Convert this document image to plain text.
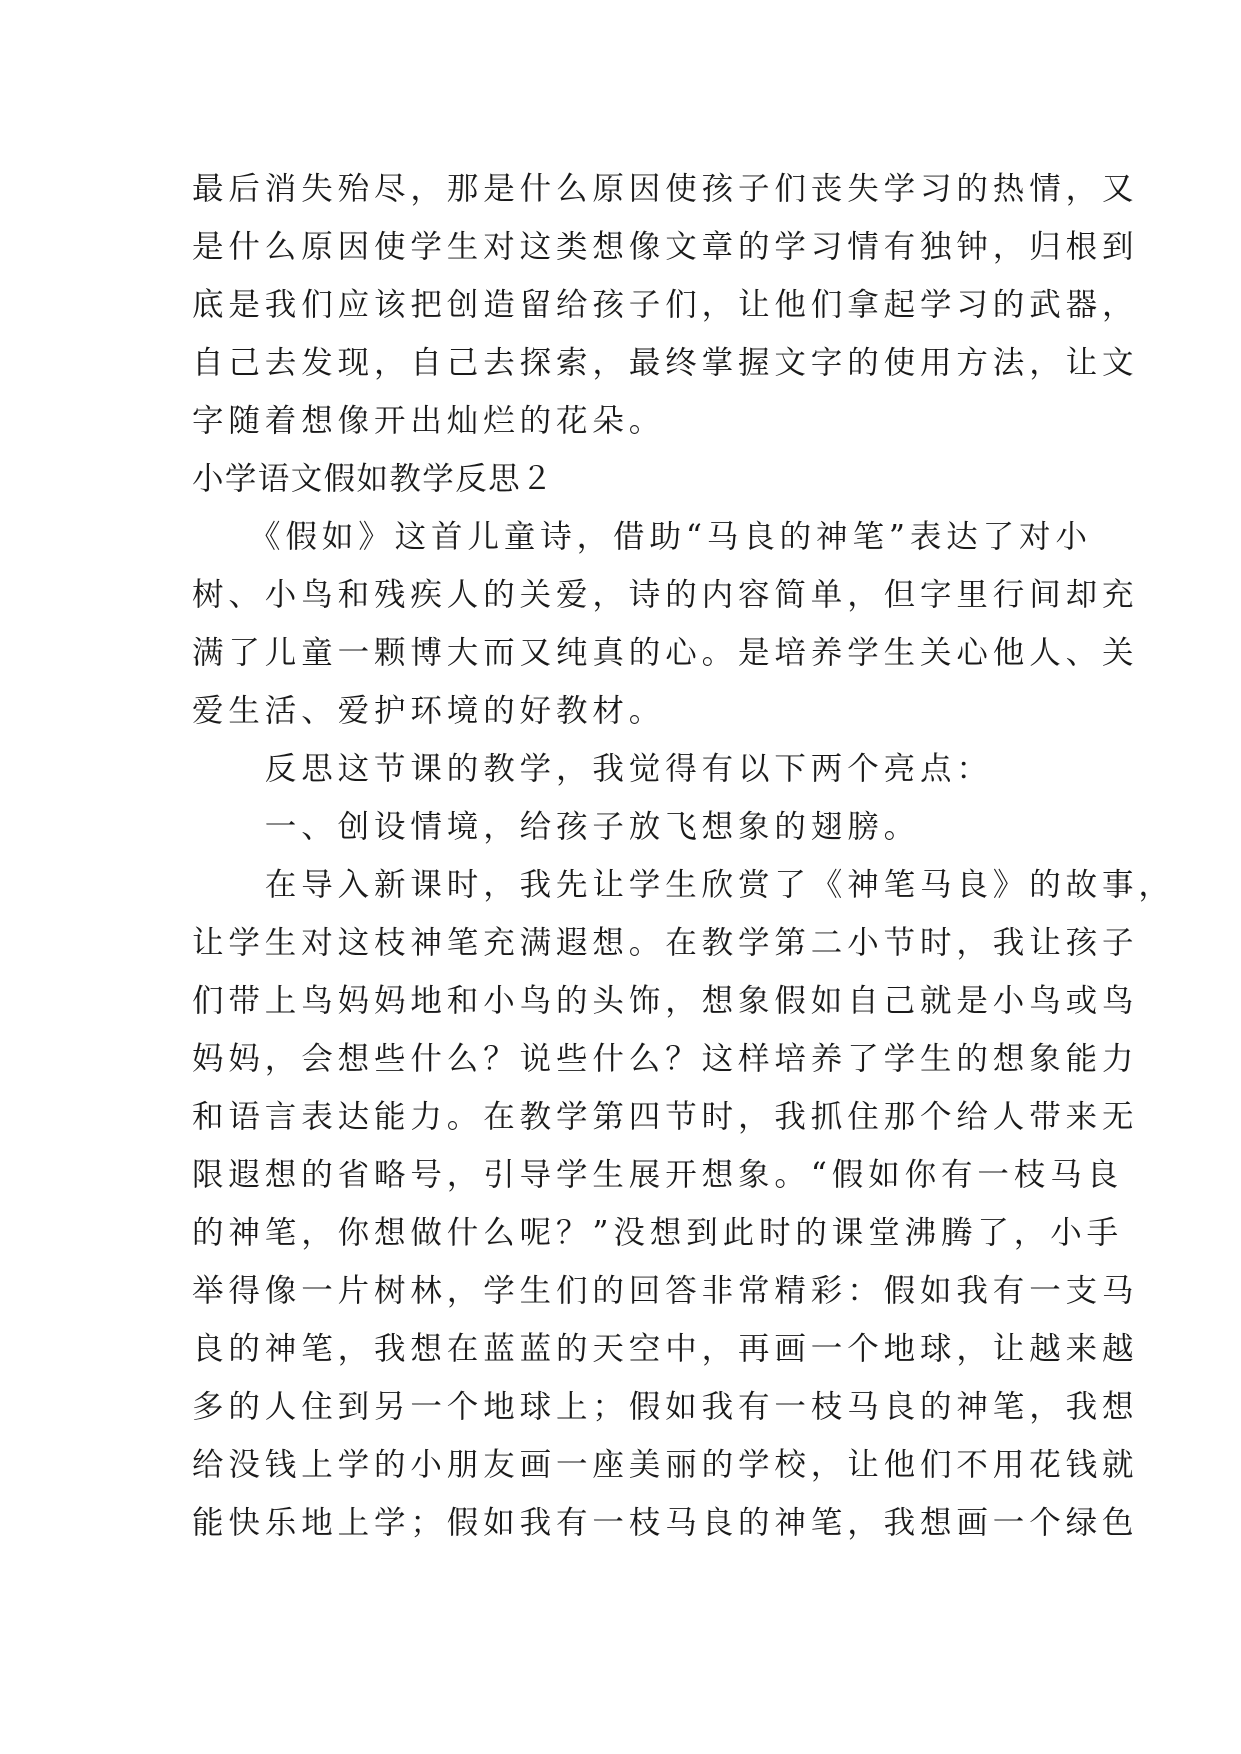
最后消失殆尽，那是什么原因使孩子们丧失学习的热情，又
是什么原因使学生对这类想像文章的学习情有独钟，归根到
底是我们应该把创造留给孩子们，让他们拿起学习的武器，
自己去发现，自己去探索，最终掌握文字的使用方法，让文
字随着想像开出灿烂的花朵。
小学语文假如教学反思２
　　《假如》这首儿童诗，借助“马良的神笔”表达了对小
树、小鸟和残疾人的关爱，诗的内容简单，但字里行间却充
满了儿童一颗博大而又纯真的心。是培养学生关心他人、关
爱生活、爱护环境的好教材。
　　反思这节课的教学，我觉得有以下两个亮点：
　　一、创设情境，给孩子放飞想象的翅膀。
　　在导入新课时，我先让学生欣赏了《神笔马良》的故事，
让学生对这枝神笔充满遐想。在教学第二小节时，我让孩子
们带上鸟妈妈地和小鸟的头饰，想象假如自己就是小鸟或鸟
妈妈，会想些什么？说些什么？这样培养了学生的想象能力
和语言表达能力。在教学第四节时，我抓住那个给人带来无
限遐想的省略号，引导学生展开想象。“假如你有一枝马良
的神笔，你想做什么呢？”没想到此时的课堂沸腾了，小手
举得像一片树林，学生们的回答非常精彩：假如我有一支马
良的神笔，我想在蓝蓝的天空中，再画一个地球，让越来越
多的人住到另一个地球上；假如我有一枝马良的神笔，我想
给没钱上学的小朋友画一座美丽的学校，让他们不用花钱就
能快乐地上学；假如我有一枝马良的神笔，我想画一个绿色
